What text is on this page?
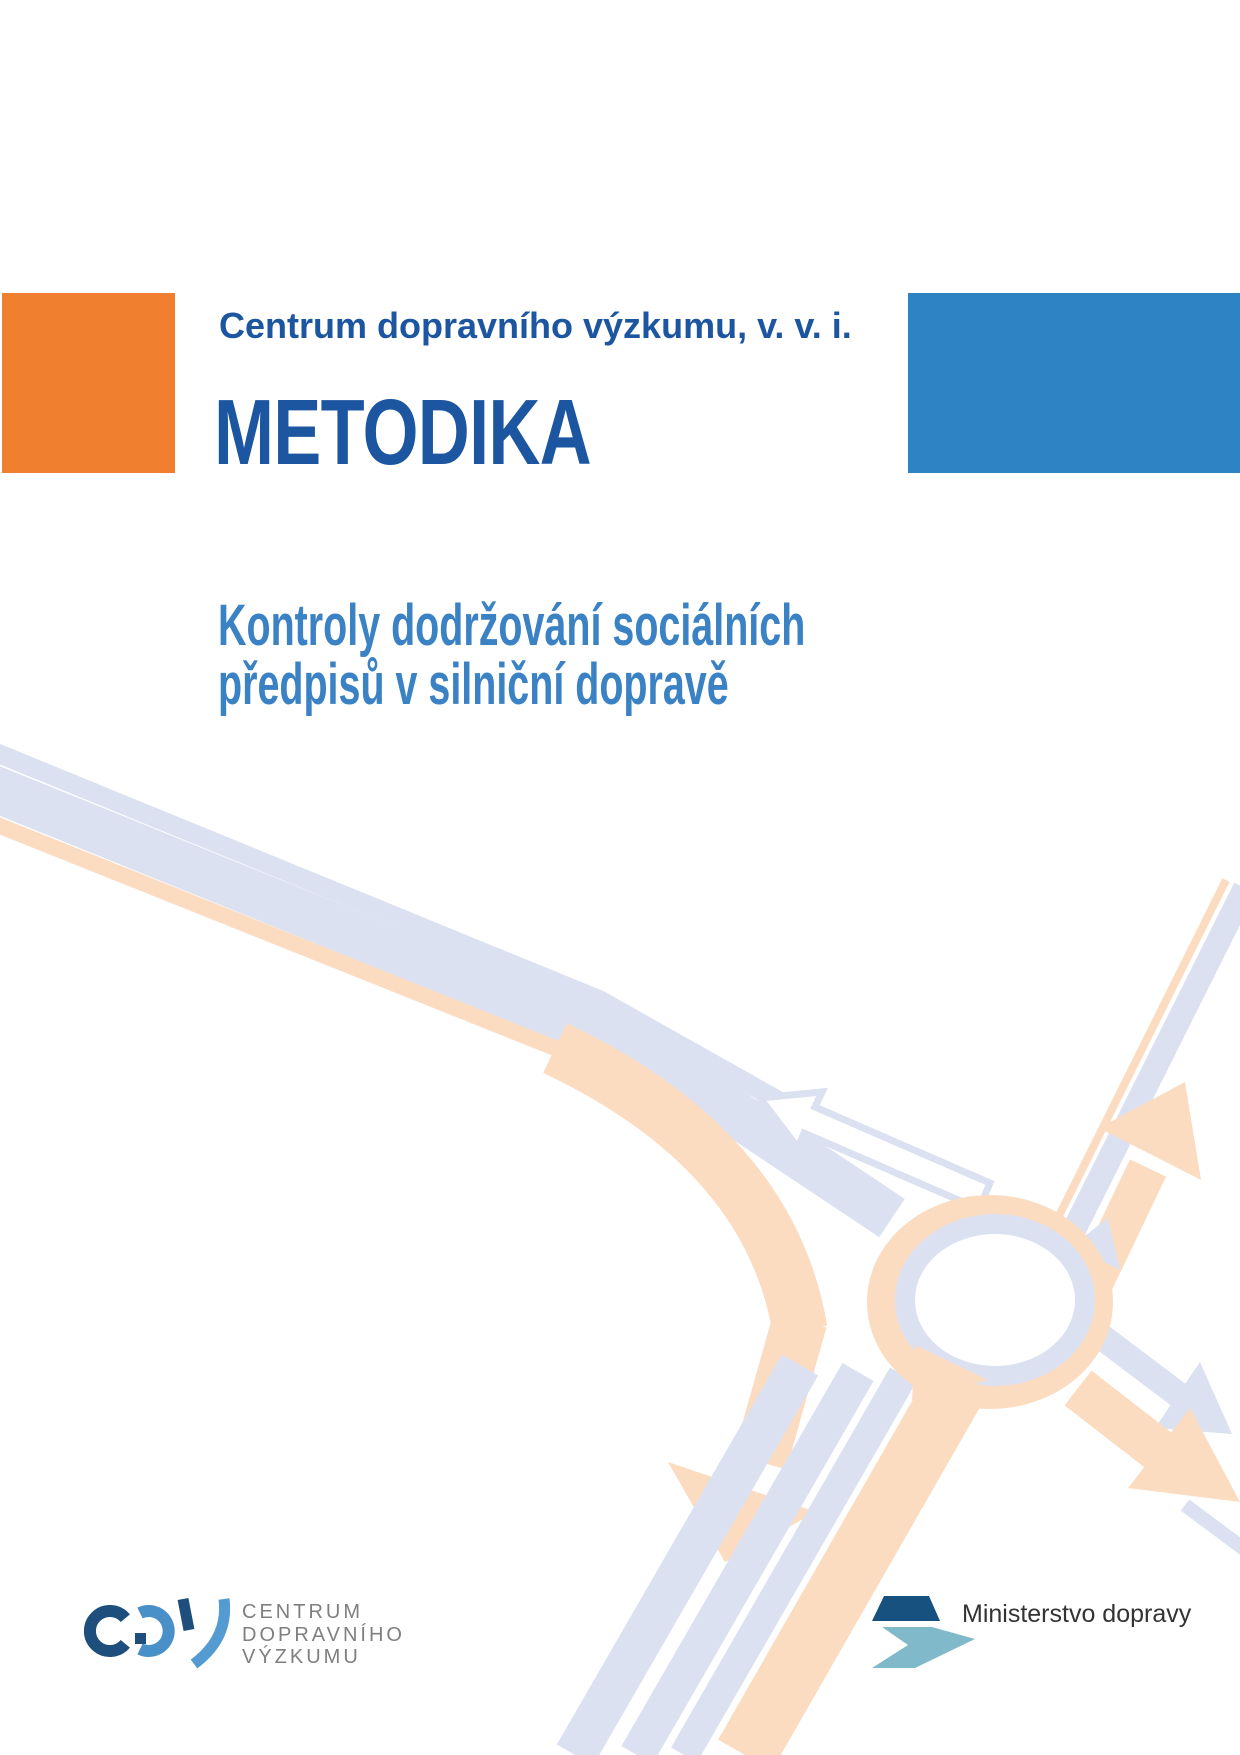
Centrum dopravního výzkumu, v. v. i.
METODIKA
Kontroly dodržování sociálních
předpisů v silniční dopravě
CENTRUM
DOPRAVNÍHO
VÝZKUMU
Ministerstvo dopravy
